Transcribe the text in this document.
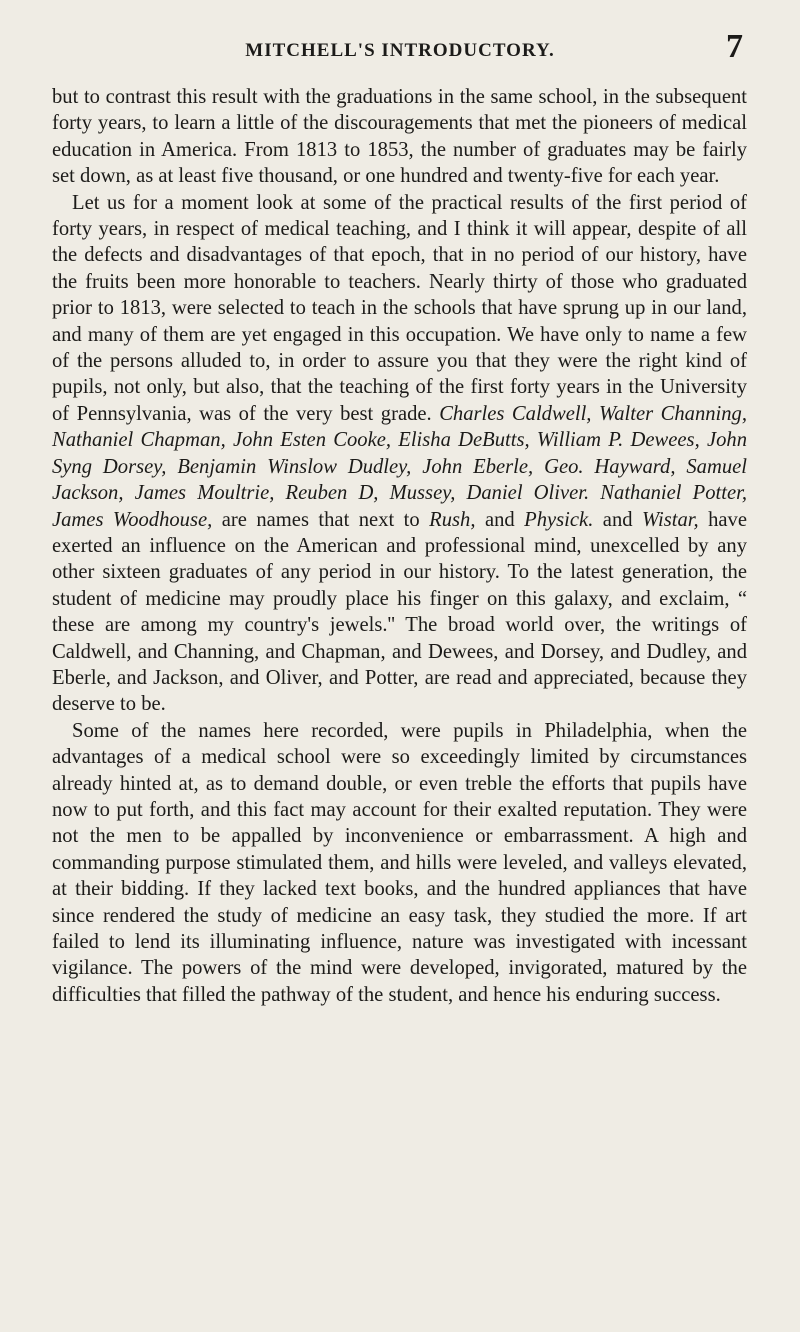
MITCHELL'S INTRODUCTORY.	7

but to contrast this result with the graduations in the same school, in the subsequent forty years, to learn a little of the discouragements that met the pioneers of medical education in America. From 1813 to 1853, the number of graduates may be fairly set down, as at least five thousand, or one hundred and twenty-five for each year.

Let us for a moment look at some of the practical results of the first period of forty years, in respect of medical teaching, and I think it will appear, despite of all the defects and disadvantages of that epoch, that in no period of our history, have the fruits been more honorable to teachers. Nearly thirty of those who graduated prior to 1813, were selected to teach in the schools that have sprung up in our land, and many of them are yet engaged in this occupation. We have only to name a few of the persons alluded to, in order to assure you that they were the right kind of pupils, not only, but also, that the teaching of the first forty years in the University of Pennsylvania, was of the very best grade. Charles Caldwell, Walter Channing, Nathaniel Chapman, John Esten Cooke, Elisha DeButts, William P. Dewees, John Syng Dorsey, Benjamin Winslow Dudley, John Eberle, Geo. Hayward, Samuel Jackson, James Moultrie, Reuben D, Mussey, Daniel Oliver. Nathaniel Potter, James Woodhouse, are names that next to Rush, and Physick. and Wistar, have exerted an influence on the American and professional mind, unexcelled by any other sixteen graduates of any period in our history. To the latest generation, the student of medicine may proudly place his finger on this galaxy, and exclaim, “ these are among my country's jewels.'' The broad world over, the writings of Caldwell, and Channing, and Chapman, and Dewees, and Dorsey, and Dudley, and Eberle, and Jackson, and Oliver, and Potter, are read and appreciated, because they deserve to be.

Some of the names here recorded, were pupils in Philadelphia, when the advantages of a medical school were so exceedingly limited by circumstances already hinted at, as to demand double, or even treble the efforts that pupils have now to put forth, and this fact may account for their exalted reputation. They were not the men to be appalled by inconvenience or embarrassment. A high and commanding purpose stimulated them, and hills were leveled, and valleys elevated, at their bidding. If they lacked text books, and the hundred appliances that have since rendered the study of medicine an easy task, they studied the more. If art failed to lend its illuminating influence, nature was investigated with incessant vigilance. The powers of the mind were developed, invigorated, matured by the difficulties that filled the pathway of the student, and hence his enduring success.
